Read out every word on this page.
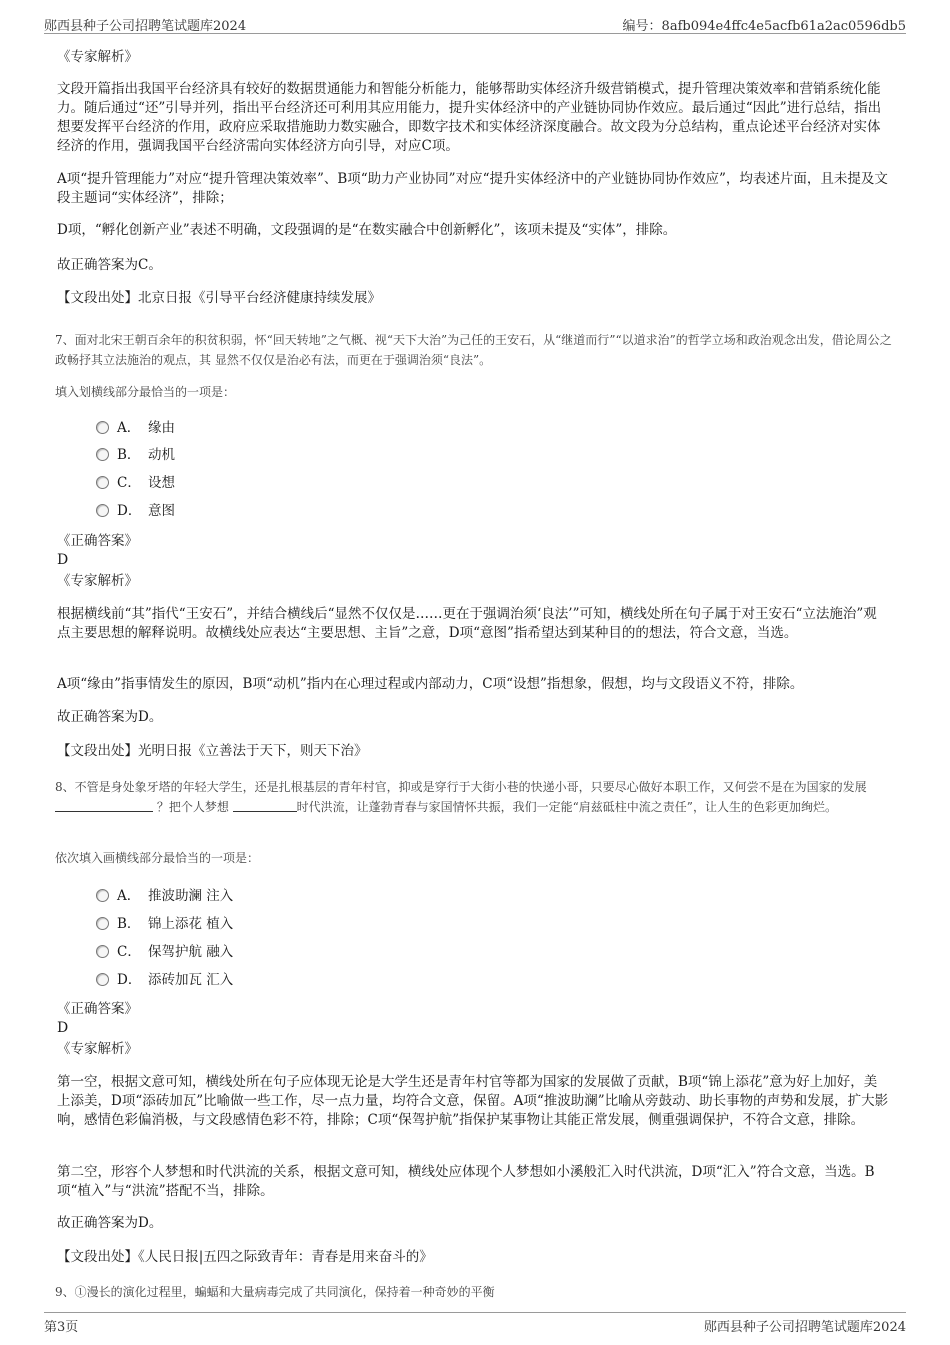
郧西县种子公司招聘笔试题库2024	编号：8afb094e4ffc4e5acfb61a2ac0596db5
《专家解析》

文段开篇指出我国平台经济具有较好的数据贯通能力和智能分析能力，能够帮助实体经济升级营销模式，提升管理决策效率和营销系统化能力。随后通过“还”引导并列，指出平台经济还可利用其应用能力，提升实体经济中的产业链协同协作效应。最后通过“因此”进行总结，指出想要发挥平台经济的作用，政府应采取措施助力数实融合，即数字技术和实体经济深度融合。故文段为分总结构，重点论述平台经济对实体经济的作用，强调我国平台经济需向实体经济方向引导，对应C项。

A项“提升管理能力”对应“提升管理决策效率”、B项“助力产业协同”对应“提升实体经济中的产业链协同协作效应”，均表述片面，且未提及文段主题词“实体经济”，排除；

D项，“孵化创新产业”表述不明确，文段强调的是“在数实融合中创新孵化”，该项未提及“实体”，排除。

故正确答案为C。

【文段出处】北京日报《引导平台经济健康持续发展》

7、面对北宋王朝百余年的积贫积弱，怀“回天转地”之气概、视“天下大治”为己任的王安石，从“继道而行”“以道求治”的哲学立场和政治观念出发，借论周公之政畅抒其立法施治的观点，其 显然不仅仅是治必有法，而更在于强调治须“良法”。

填入划横线部分最恰当的一项是：

A． 缘由
B． 动机
C． 设想
D． 意图
《正确答案》
D
《专家解析》

根据横线前“其”指代“王安石”，并结合横线后“显然不仅仅是……更在于强调治须‘良法’”可知，横线处所在句子属于对王安石“立法施治”观点主要思想的解释说明。故横线处应表达“主要思想、主旨”之意，D项“意图”指希望达到某种目的的想法，符合文意，当选。

A项“缘由”指事情发生的原因，B项“动机”指内在心理过程或内部动力，C项“设想”指想象，假想，均与文段语义不符，排除。

故正确答案为D。

【文段出处】光明日报《立善法于天下，则天下治》

8、不管是身处象牙塔的年轻大学生，还是扎根基层的青年村官，抑或是穿行于大街小巷的快递小哥，只要尽心做好本职工作，又何尝不是在为国家的发展  ？把个人梦想	时代洪流，让蓬勃青春与家国情怀共振，我们一定能“肩兹砥柱中流之责任”，让人生的色彩更加绚烂。

依次填入画横线部分最恰当的一项是：

A． 推波助澜 注入
B． 锦上添花 植入
C． 保驾护航 融入
D． 添砖加瓦 汇入
《正确答案》
D
《专家解析》

第一空，根据文意可知，横线处所在句子应体现无论是大学生还是青年村官等都为国家的发展做了贡献，B项“锦上添花”意为好上加好，美上添美，D项“添砖加瓦”比喻做一些工作，尽一点力量，均符合文意，保留。A项“推波助澜”比喻从旁鼓动、助长事物的声势和发展，扩大影响，感情色彩偏消极，与文段感情色彩不符，排除；C项“保驾护航”指保护某事物让其能正常发展，侧重强调保护，不符合文意，排除。

第二空，形容个人梦想和时代洪流的关系，根据文意可知，横线处应体现个人梦想如小溪般汇入时代洪流，D项“汇入”符合文意，当选。B项“植入”与“洪流”搭配不当，排除。

故正确答案为D。

【文段出处】《人民日报|五四之际致青年：青春是用来奋斗的》

9、①漫长的演化过程里，蝙蝠和大量病毒完成了共同演化，保持着一种奇妙的平衡

第3页	郧西县种子公司招聘笔试题库2024
